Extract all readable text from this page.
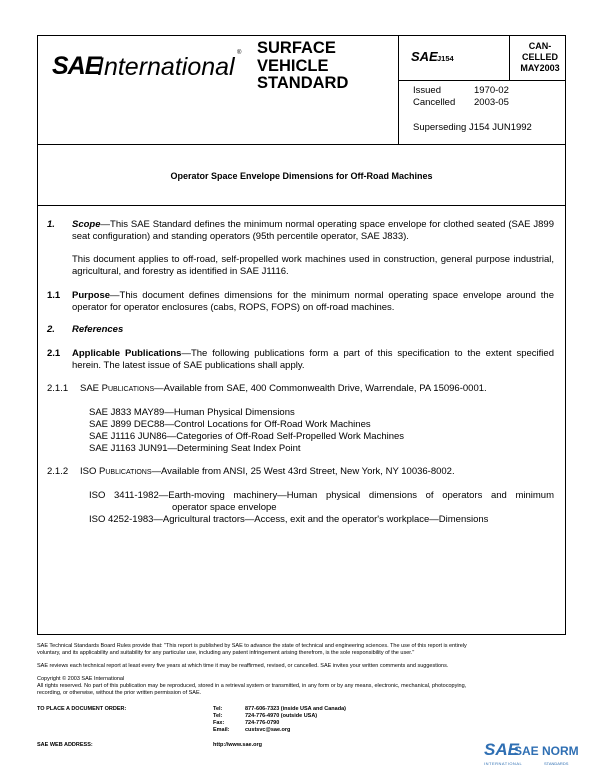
SAE
International ® SURFACE
VEHICLE
STANDARD
SAE J154
CAN-
CELLED
MAY2003
Issued	1970-02
Cancelled 2003-05
Superseding J154 JUN1992
Operator Space Envelope Dimensions for Off-Road Machines
1. Scope—This SAE Standard defines the minimum normal operating space envelope for clothed seated (SAE J899 seat configuration) and standing operators (95th percentile operator, SAE J833).
This document applies to off-road, self-propelled work machines used in construction, general purpose industrial, agricultural, and forestry as identified in SAE J1116.
1.1 Purpose—This document defines dimensions for the minimum normal operating space envelope around the operator for operator enclosures (cabs, ROPS, FOPS) on off-road machines.
2. References
2.1 Applicable Publications—The following publications form a part of this specification to the extent specified herein. The latest issue of SAE publications shall apply.
2.1.1 SAE Publications—Available from SAE, 400 Commonwealth Drive, Warrendale, PA 15096-0001.
SAE J833 MAY89—Human Physical Dimensions
SAE J899 DEC88—Control Locations for Off-Road Work Machines
SAE J1116 JUN86—Categories of Off-Road Self-Propelled Work Machines
SAE J1163 JUN91—Determining Seat Index Point
2.1.2 ISO Publications—Available from ANSI, 25 West 43rd Street, New York, NY 10036-8002.
ISO 3411-1982—Earth-moving machinery—Human physical dimensions of operators and minimum
operator space envelope
ISO 4252-1983—Agricultural tractors—Access, exit and the operator's workplace—Dimensions
SAE Technical Standards Board Rules provide that: "This report is published by SAE to advance the state of technical and engineering sciences. The use of this report is entirely
voluntary, and its applicability and suitability for any particular use, including any patent infringement arising therefrom, is the sole responsibility of the user."
SAE reviews each technical report at least every five years at which time it may be reaffirmed, revised, or cancelled. SAE invites your written comments and suggestions.
Copyright © 2003 SAE International
All rights reserved. No part of this publication may be reproduced, stored in a retrieval system or transmitted, in any form or by any means, electronic, mechanical, photocopying,
recording, or otherwise, without the prior written permission of SAE.
TO PLACE A DOCUMENT ORDER:	Tel:	877-606-7323 (inside USA and Canada)
Tel:	724-776-4970 (outside USA)
Fax:	724-776-0790
Email:	custsvc@sae.org
SAE WEB ADDRESS:	http://www.sae.org	SAE
SAE NORM
INTERNATIONAL	STANDARDS
